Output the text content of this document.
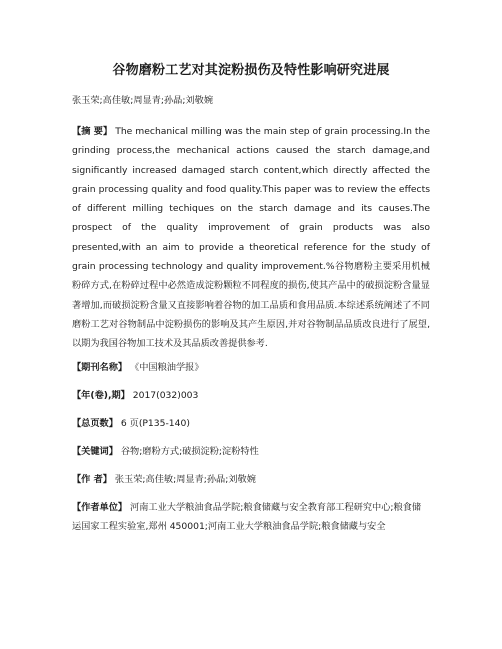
谷物磨粉工艺对其淀粉损伤及特性影响研究进展
张玉荣;高佳敏;周显青;孙晶;刘敬婉
【摘 要】 The mechanical milling was the main step of grain processing.In the grinding process,the mechanical actions caused the starch damage,and significantly increased damaged starch content,which directly affected the grain processing quality and food quality.This paper was to review the effects of different milling techiques on the starch damage and its causes.The prospect of the quality improvement of grain products was also presented,with an aim to provide a theoretical reference for the study of grain processing technology and quality improvement.%谷物磨粉主要采用机械粉碎方式,在粉碎过程中必然造成淀粉颗粒不同程度的损伤,使其产品中的破损淀粉含量显著增加,而破损淀粉含量又直接影响着谷物的加工品质和食用品质.本综述系统阐述了不同磨粉工艺对谷物制品中淀粉损伤的影响及其产生原因,并对谷物制品品质改良进行了展望,以期为我国谷物加工技术及其品质改善提供参考.
【期刊名称】 《中国粮油学报》
【年(卷),期】 2017(032)003
【总页数】 6 页(P135-140)
【关键词】 谷物;磨粉方式;破损淀粉;淀粉特性
【作 者】 张玉荣;高佳敏;周显青;孙晶;刘敬婉
【作者单位】 河南工业大学粮油食品学院;粮食储藏与安全教育部工程研究中心;粮食储运国家工程实验室,郑州 450001;河南工业大学粮油食品学院;粮食储藏与安全
